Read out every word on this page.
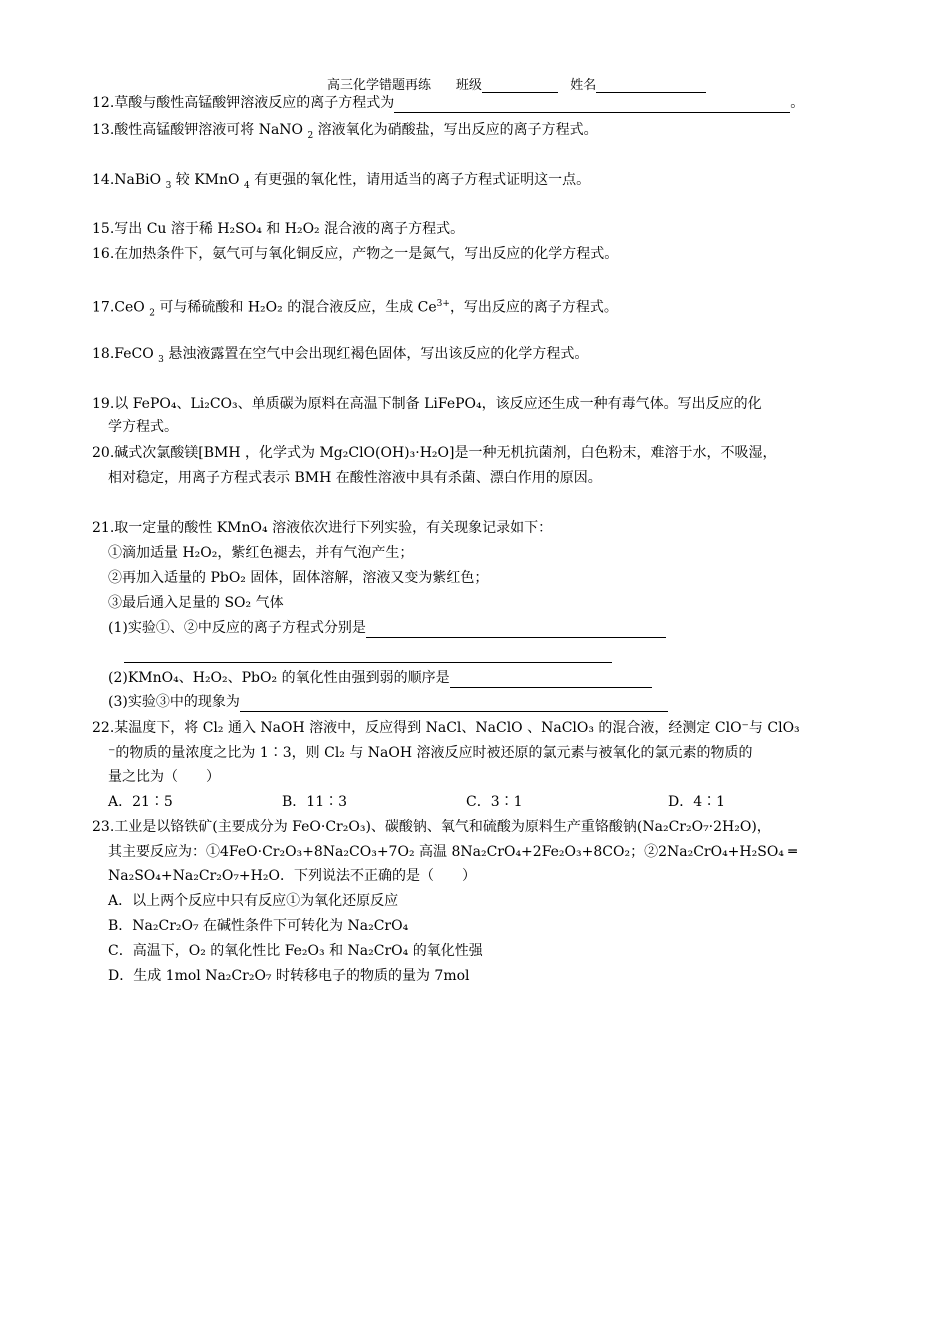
高三化学错题再练 班级	姓名
12.草酸与酸性高锰酸钾溶液反应的离子方程式为	。
13.酸性高锰酸钾溶液可将 NaNO $_2$ 溶液氧化为硝酸盐，写出反应的离子方程式。
14.NaBiO $_3$ 较 KMnO $_4$ 有更强的氧化性，请用适当的离子方程式证明这一点。
15.写出 Cu 溶于稀 H₂SO₄ 和 H₂O₂ 混合液的离子方程式。
16.在加热条件下，氨气可与氧化铜反应，产物之一是氮气，写出反应的化学方程式。
17.CeO $_2$ 可与稀硫酸和 H₂O₂ 的混合液反应，生成 $Ce^{3+}$，写出反应的离子方程式。
18.FeCO $_3$ 悬浊液露置在空气中会出现红褐色固体，写出该反应的化学方程式。
19.以 FePO₄、Li₂CO₃、单质碳为原料在高温下制备 LiFePO₄，该反应还生成一种有毒气体。写出反应的化
学方程式。
20.碱式次氯酸镁[BMH ，化学式为 Mg₂ClO(OH)₃·H₂O]是一种无机抗菌剂，白色粉末，难溶于水，不吸湿，
相对稳定，用离子方程式表示 BMH 在酸性溶液中具有杀菌、漂白作用的原因。
21.取一定量的酸性 KMnO₄ 溶液依次进行下列实验，有关现象记录如下：
①滴加适量 H₂O₂，紫红色褪去，并有气泡产生；
②再加入适量的 PbO₂ 固体，固体溶解，溶液又变为紫红色；
③最后通入足量的 SO₂ 气体
(1)实验①、②中反应的离子方程式分别是
(2)KMnO₄、H₂O₂、PbO₂ 的氧化性由强到弱的顺序是
(3)实验③中的现象为
22.某温度下，将 Cl₂ 通入 NaOH 溶液中，反应得到 NaCl、NaClO 、NaClO₃ 的混合液，经测定 ClO⁻与 ClO₃
⁻的物质的量浓度之比为 1∶3，则 Cl₂ 与 NaOH 溶液反应时被还原的氯元素与被氧化的氯元素的物质的
量之比为（　　）
A．21∶5	B．11∶3	C．3∶1	D．4∶1
23.工业是以铬铁矿(主要成分为 FeO·Cr₂O₃)、碳酸钠、氧气和硫酸为原料生产重铬酸钠(Na₂Cr₂O₇·2H₂O)，
其主要反应为：①4FeO·Cr₂O₃+8Na₂CO₃+7O₂ 高温 8Na₂CrO₄+2Fe₂O₃+8CO₂；②2Na₂CrO₄+H₂SO₄ ═
Na₂SO₄+Na₂Cr₂O₇+H₂O．下列说法不正确的是（　　）
A．以上两个反应中只有反应①为氧化还原反应
B．Na₂Cr₂O₇ 在碱性条件下可转化为 Na₂CrO₄
C．高温下，O₂ 的氧化性比 Fe₂O₃ 和 Na₂CrO₄ 的氧化性强
D．生成 1mol Na₂Cr₂O₇ 时转移电子的物质的量为 7mol
